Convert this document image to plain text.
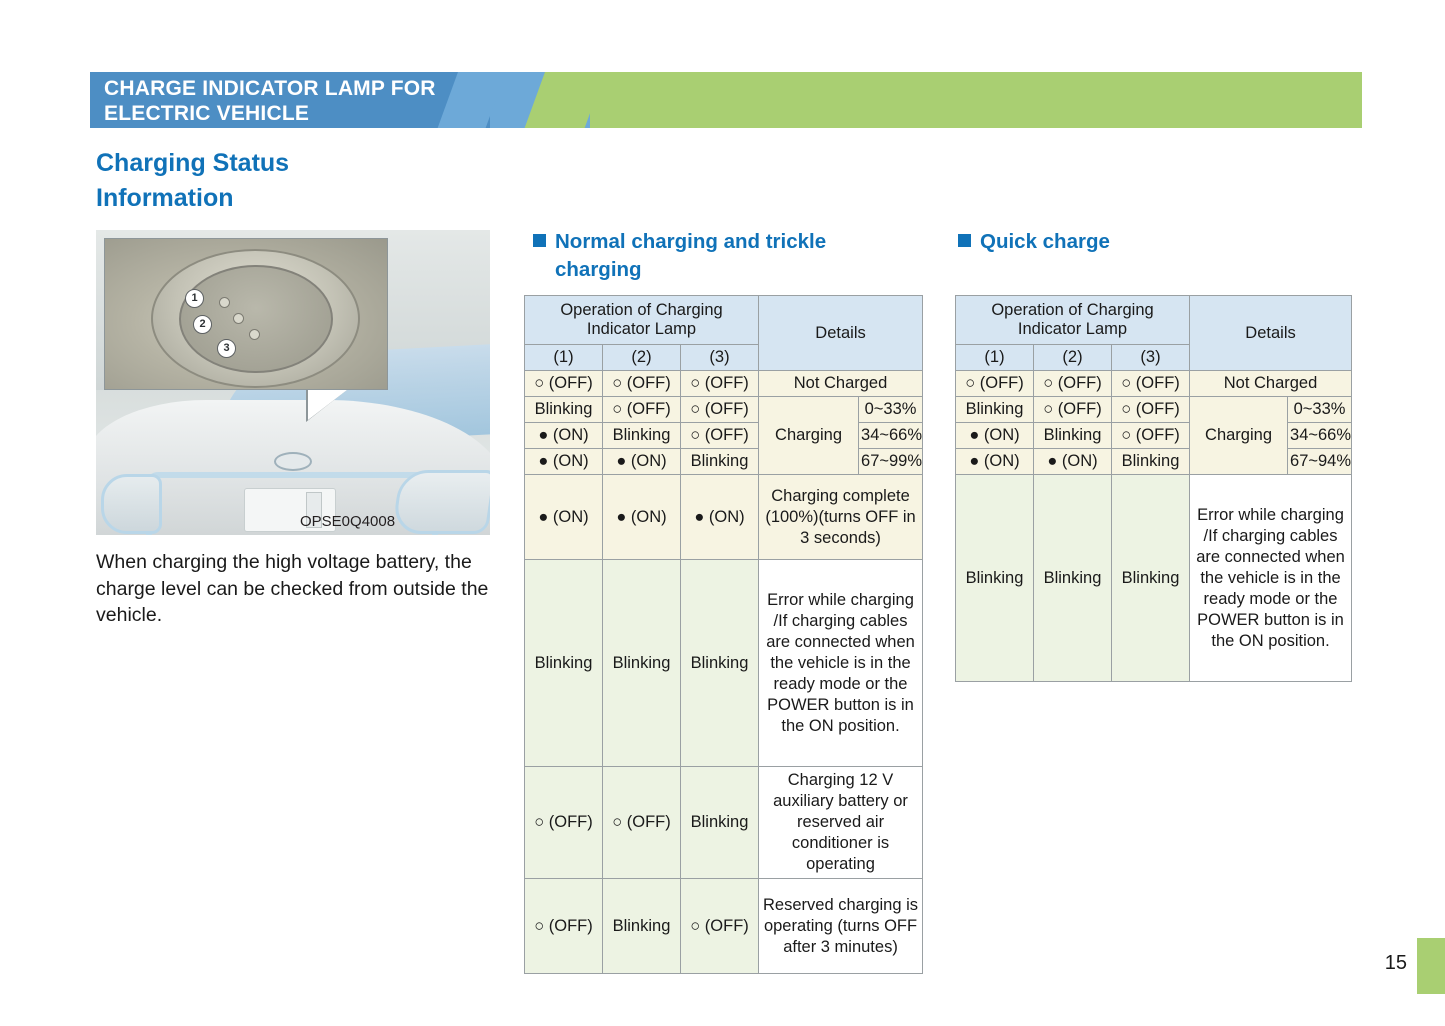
CHARGE INDICATOR LAMP FOR ELECTRIC VEHICLE
Charging Status Information
1
2
3
OPSE0Q4008
When charging the high voltage battery, the charge level can be checked from outside the vehicle.
Normal charging and trickle charging
Quick charge
Operation of Charging Indicator Lamp			Details	
(1)	(2)	(3)		
○ (OFF)	○ (OFF)	○ (OFF)	Not Charged	
Blinking	○ (OFF)	○ (OFF)	Charging	0~33%
● (ON)	Blinking	○ (OFF)		34~66%
● (ON)	● (ON)	Blinking		67~99%
● (ON)	● (ON)	● (ON)	Charging complete (100%)(turns OFF in 3 seconds)	
Blinking	Blinking	Blinking	Error while charging /If charging cables are connected when the vehicle is in the ready mode or the POWER button is in the ON position.	
○ (OFF)	○ (OFF)	Blinking	Charging 12 V auxiliary battery or reserved air conditioner is operating	
○ (OFF)	Blinking	○ (OFF)	Reserved charging is operating (turns OFF after 3 minutes)	
Operation of Charging Indicator Lamp			Details	
(1)	(2)	(3)		
○ (OFF)	○ (OFF)	○ (OFF)	Not Charged	
Blinking	○ (OFF)	○ (OFF)	Charging	0~33%
● (ON)	Blinking	○ (OFF)		34~66%
● (ON)	● (ON)	Blinking		67~94%
Blinking	Blinking	Blinking	Error while charging /If charging cables are connected when the vehicle is in the ready mode or the POWER button is in the ON position.	
15
